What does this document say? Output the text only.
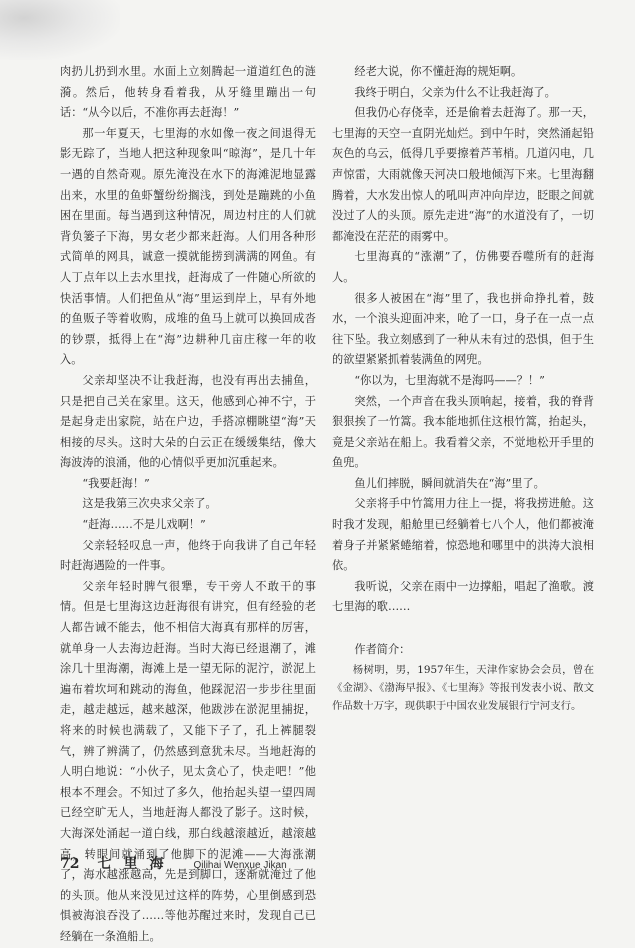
肉扔儿扔到水里。水面上立刻腾起一道道红色的涟漪。然后，他转身看着我，从牙缝里蹦出一句话：“从今以后，不准你再去赶海！”

那一年夏天，七里海的水如像一夜之间退得无影无踪了，当地人把这种现象叫“晾海”，是几十年一遇的自然奇观。原先淹没在水下的海滩泥地显露出来，水里的鱼虾蟹纷纷搁浅，到处是蹦跳的小鱼困在里面。每当遇到这种情况，周边村庄的人们就背负篓子下海，男女老少都来赶海。人们用各种形式简单的网具，诚意一摸就能捞到满满的网鱼。有人丁点年以上去水里找，赶海成了一件随心所欲的快活事情。人们把鱼从“海”里运到岸上，早有外地的鱼贩子等着收购，成堆的鱼马上就可以换回成沓的钞票，抵得上在“海”边耕种几亩庄稼一年的收入。

父亲却坚决不让我赶海，也没有再出去捕鱼，只是把自己关在家里。这天，他感到心神不宁，于是起身走出家院，站在户边，手搭凉棚眺望“海”天相接的尽头。这时大朵的白云正在缓缓集结，像大海波涛的浪涌，他的心情似乎更加沉重起来。

“我要赶海！”

这是我第三次央求父亲了。

“赶海……不是儿戏啊！”

父亲轻轻叹息一声，他终于向我讲了自己年轻时赶海遇险的一件事。

父亲年轻时脾气很犟，专干旁人不敢干的事情。但是七里海这边赶海很有讲究，但有经验的老人都告诫不能去，他不相信大海真有那样的厉害，就单身一人去海边赶海。当时大海已经退潮了，滩涂几十里海潮，海滩上是一望无际的泥泞，淤泥上遍布着坎坷和跳动的海鱼，他踩泥沼一步步往里面走，越走越远，越来越深，他跋涉在淤泥里捕捉，将来的时候也满载了，又能下子了，孔上裤腿裂气，辨了辨满了，仍然感到意犹未尽。当地赶海的人明白地说：“小伙子，见太贪心了，快走吧！”他根本不理会。不知过了多久，他抬起头望一望四周已经空旷无人，当地赶海人都没了影子。这时候，大海深处涌起一道白线，那白线越滚越近，越滚越高，转眼间就涌到了他脚下的泥滩——大海涨潮了，海水越涨越高，先是到脚口，逐渐就淹过了他的头顶。他从来没见过这样的阵势，心里倒感到恐惧被海浪吞没了……等他苏醒过来时，发现自己已经躺在一条渔船上。

经老大说，你不懂赶海的规矩啊。

我终于明白，父亲为什么不让我赶海了。

但我仍心存侥幸，还是偷着去赶海了。那一天，七里海的天空一直阴光灿烂。到中午时，突然涌起铅灰色的乌云，低得几乎要擦着芦苇梢。几道闪电，几声惊雷，大雨就像天河决口般地倾泻下来。七里海翻腾着，大水发出惊人的吼叫声冲向岸边，眨眼之间就没过了人的头顶。原先走进“海”的水道没有了，一切都淹没在茫茫的雨雾中。

七里海真的“涨潮”了，仿佛要吞噬所有的赶海人。

很多人被困在“海”里了，我也拼命挣扎着，鼓水，一个浪头迎面冲来，呛了一口，身子在一点一点往下坠。我立刻感到了一种从未有过的恐惧，但于生的欲望紧紧抓着装满鱼的网兜。

“你以为，七里海就不是海吗——？！”

突然，一个声音在我头顶响起，接着，我的脊背狠狠挨了一竹篙。我本能地抓住这根竹篙，抬起头，竟是父亲站在船上。我看着父亲，不觉地松开手里的鱼兜。

鱼儿们摔脱，瞬间就消失在“海”里了。

父亲将手中竹篙用力往上一提，将我捞进舱。这时我才发现，船舱里已经躺着七八个人，他们都被淹着身子并紧紧蜷缩着，惊恐地和哪里中的洪涛大浪相依。

我听说，父亲在雨中一边撑船，唱起了渔歌。渡七里海的歌……

作者简介：

杨树明，男，1957年生，天津作家协会会员，曾在《金湖》、《渤海早报》、《七里海》等报刊发表小说、散文作品数十万字，现供职于中国农业发展银行宁河支行。

72 七里海 Qilihai Wenxue Jikan
